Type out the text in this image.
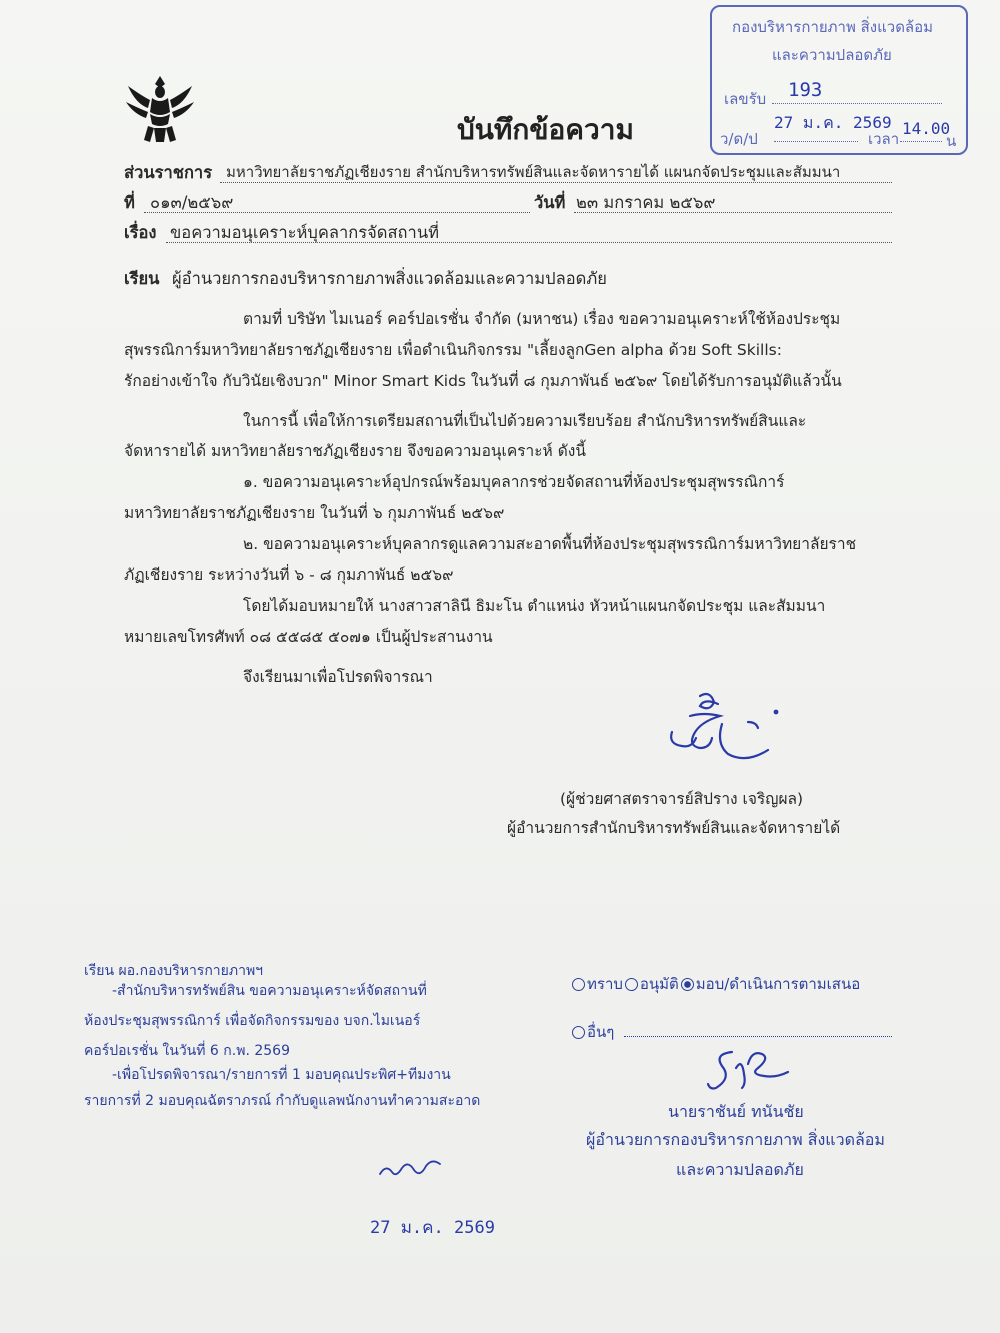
บันทึกข้อความ
กองบริหารกายภาพ สิ่งแวดล้อม
และความปลอดภัย
เลขรับ 193
ว/ด/ป
27 ม.ค. 2569
เวลา
14.00
น
ส่วนราชการ มหาวิทยาลัยราชภัฏเชียงราย สำนักบริหารทรัพย์สินและจัดหารายได้ แผนกจัดประชุมและสัมมนา
ที่ ๐๑๓/๒๕๖๙	วันที่ ๒๓ มกราคม ๒๕๖๙
เรื่อง ขอความอนุเคราะห์บุคลากรจัดสถานที่
เรียน ผู้อำนวยการกองบริหารกายภาพสิ่งแวดล้อมและความปลอดภัย
ตามที่ บริษัท ไมเนอร์ คอร์ปอเรชั่น จำกัด (มหาชน) เรื่อง ขอความอนุเคราะห์ใช้ห้องประชุม
สุพรรณิการ์มหาวิทยาลัยราชภัฏเชียงราย เพื่อดำเนินกิจกรรม "เลี้ยงลูกGen alpha ด้วย Soft Skills:
รักอย่างเข้าใจ กับวินัยเชิงบวก" Minor Smart Kids ในวันที่ ๘ กุมภาพันธ์ ๒๕๖๙ โดยได้รับการอนุมัติแล้วนั้น
ในการนี้ เพื่อให้การเตรียมสถานที่เป็นไปด้วยความเรียบร้อย สำนักบริหารทรัพย์สินและ
จัดหารายได้ มหาวิทยาลัยราชภัฏเชียงราย จึงขอความอนุเคราะห์ ดังนี้
๑. ขอความอนุเคราะห์อุปกรณ์พร้อมบุคลากรช่วยจัดสถานที่ห้องประชุมสุพรรณิการ์
มหาวิทยาลัยราชภัฏเชียงราย ในวันที่ ๖ กุมภาพันธ์ ๒๕๖๙
๒. ขอความอนุเคราะห์บุคลากรดูแลความสะอาดพื้นที่ห้องประชุมสุพรรณิการ์มหาวิทยาลัยราช
ภัฏเชียงราย ระหว่างวันที่ ๖ - ๘ กุมภาพันธ์ ๒๕๖๙
โดยได้มอบหมายให้ นางสาวสาลินี ธิมะโน ตำแหน่ง หัวหน้าแผนกจัดประชุม และสัมมนา
หมายเลขโทรศัพท์ ๐๘ ๕๕๘๕ ๕๐๗๑ เป็นผู้ประสานงาน
จึงเรียนมาเพื่อโปรดพิจารณา
(ผู้ช่วยศาสตราจารย์สิปราง เจริญผล)
ผู้อำนวยการสำนักบริหารทรัพย์สินและจัดหารายได้
เรียน ผอ.กองบริหารกายภาพฯ
-สำนักบริหารทรัพย์สิน ขอความอนุเคราะห์จัดสถานที่
ห้องประชุมสุพรรณิการ์ เพื่อจัดกิจกรรมของ บจก.ไมเนอร์
คอร์ปอเรชั่น ในวันที่ 6 ก.พ. 2569
-เพื่อโปรดพิจารณา/รายการที่ 1 มอบคุณประพิศ+ทีมงาน
รายการที่ 2 มอบคุณฉัตราภรณ์ กำกับดูแลพนักงานทำความสะอาด
27 ม.ค. 2569
ทราบ อนุมัติ มอบ/ดำเนินการตามเสนอ
อื่นๆ
นายราชันย์ ทนันชัย
ผู้อำนวยการกองบริหารกายภาพ สิ่งแวดล้อม
และความปลอดภัย
